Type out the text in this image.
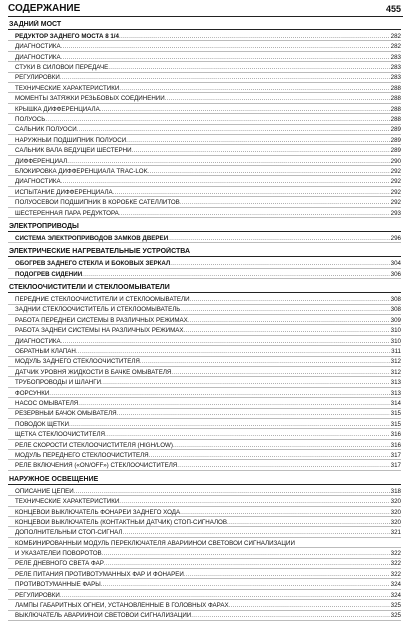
СОДЕРЖАНИЕ	455
ЗАДНИЙ МОСТ
РЕДУКТОР ЗАДНЕГО МОСТА 8 1/4 .....	282
ДИАГНОСТИКА .....	282
ДИАГНОСТИКА .....	283
СТУКИ В СИЛОВОЙ ПЕРЕДАЧЕ .....	283
РЕГУЛИРОВКИ .....	283
ТЕХНИЧЕСКИЕ ХАРАКТЕРИСТИКИ .....	288
МОМЕНТЫ ЗАТЯЖКИ РЕЗЬБОВЫХ СОЕДИНЕНИЙ .....	288
КРЫШКА ДИФФЕРЕНЦИАЛА .....	288
ПОЛУОСЬ .....	288
САЛЬНИК ПОЛУОСИ .....	289
НАРУЖНЫЙ ПОДШИПНИК ПОЛУОСИ .....	289
САЛЬНИК ВАЛА ВЕДУЩЕЙ ШЕСТЕРНИ .....	289
ДИФФЕРЕНЦИАЛ .....	290
БЛОКИРОВКА ДИФФЕРЕНЦИАЛА TRAC-LOK .....	292
ДИАГНОСТИКА .....	292
ИСПЫТАНИЕ ДИФФЕРЕНЦИАЛА .....	292
ПОЛУОСЕВОЙ ПОДШИПНИК В КОРОБКЕ САТЕЛЛИТОВ .....	292
ШЕСТЕРЕННАЯ ПАРА РЕДУКТОРА .....	293
ЭЛЕКТРОПРИВОДЫ
СИСТЕМА ЭЛЕКТРОПРИВОДОВ ЗАМКОВ ДВЕРЕЙ .....	296
ЭЛЕКТРИЧЕСКИЕ НАГРЕВАТЕЛЬНЫЕ УСТРОЙСТВА
ОБОГРЕВ ЗАДНЕГО СТЕКЛА И БОКОВЫХ ЗЕРКАЛ .....	304
ПОДОГРЕВ СИДЕНИЙ .....	306
СТЕКЛООЧИСТИТЕЛИ И СТЕКЛООМЫВАТЕЛИ
ПЕРЕДНИЕ СТЕКЛООЧИСТИТЕЛИ И СТЕКЛООМЫВАТЕЛИ .....	308
ЗАДНИЙ СТЕКЛООЧИСТИТЕЛЬ И СТЕКЛООМЫВАТЕЛЬ .....	308
РАБОТА ПЕРЕДНЕЙ СИСТЕМЫ В РАЗЛИЧНЫХ РЕЖИМАХ .....	309
РАБОТА ЗАДНЕЙ СИСТЕМЫ НА РАЗЛИЧНЫХ РЕЖИМАХ .....	310
ДИАГНОСТИКА .....	310
ОБРАТНЫЙ КЛАПАН .....	311
МОДУЛЬ ЗАДНЕГО СТЕКЛООЧИСТИТЕЛЯ .....	312
ДАТЧИК УРОВНЯ ЖИДКОСТИ В БАЧКЕ ОМЫВАТЕЛЯ .....	312
ТРУБОПРОВОДЫ И ШЛАНГИ .....	313
ФОРСУНКИ .....	313
НАСОС ОМЫВАТЕЛЯ .....	314
РЕЗЕРВНЫЙ БАЧОК ОМЫВАТЕЛЯ .....	315
ПОВОДОК ЩЕТКИ .....	315
ЩЕТКА СТЕКЛООЧИСТИТЕЛЯ .....	316
РЕЛЕ СКОРОСТИ СТЕКЛООЧИСТИТЕЛЯ (HIGH/LOW) .....	316
МОДУЛЬ ПЕРЕДНЕГО СТЕКЛООЧИСТИТЕЛЯ .....	317
РЕЛЕ ВКЛЮЧЕНИЯ («ON/OFF») СТЕКЛООЧИСТИТЕЛЯ .....	317
НАРУЖНОЕ ОСВЕЩЕНИЕ
ОПИСАНИЕ ЦЕПЕЙ .....	318
ТЕХНИЧЕСКИЕ ХАРАКТЕРИСТИКИ .....	320
КОНЦЕВОЙ ВЫКЛЮЧАТЕЛЬ ФОНАРЕЙ ЗАДНЕГО ХОДА .....	320
КОНЦЕВОЙ ВЫКЛЮЧАТЕЛЬ (КОНТАКТНЫЙ ДАТЧИК) СТОП-СИГНАЛОВ .....	320
ДОПОЛНИТЕЛЬНЫЙ СТОП-СИГНАЛ .....	321
КОМБИНИРОВАННЫЙ МОДУЛЬ ПЕРЕКЛЮЧАТЕЛЯ АВАРИЙНОЙ СВЕТОВОЙ СИГНАЛИЗАЦИИ
И УКАЗАТЕЛЕЙ ПОВОРОТОВ .....	322
РЕЛЕ ДНЕВНОГО СВЕТА ФАР .....	322
РЕЛЕ ПИТАНИЯ ПРОТИВОТУМАННЫХ ФАР И ФОНАРЕЙ .....	322
ПРОТИВОТУМАННЫЕ ФАРЫ .....	324
РЕГУЛИРОВКИ .....	324
ЛАМПЫ ГАБАРИТНЫХ ОГНЕЙ, УСТАНОВЛЕННЫЕ В ГОЛОВНЫХ ФАРАХ .....	325
ВЫКЛЮЧАТЕЛЬ АВАРИЙНОЙ СВЕТОВОЙ СИГНАЛИЗАЦИИ .....	325
